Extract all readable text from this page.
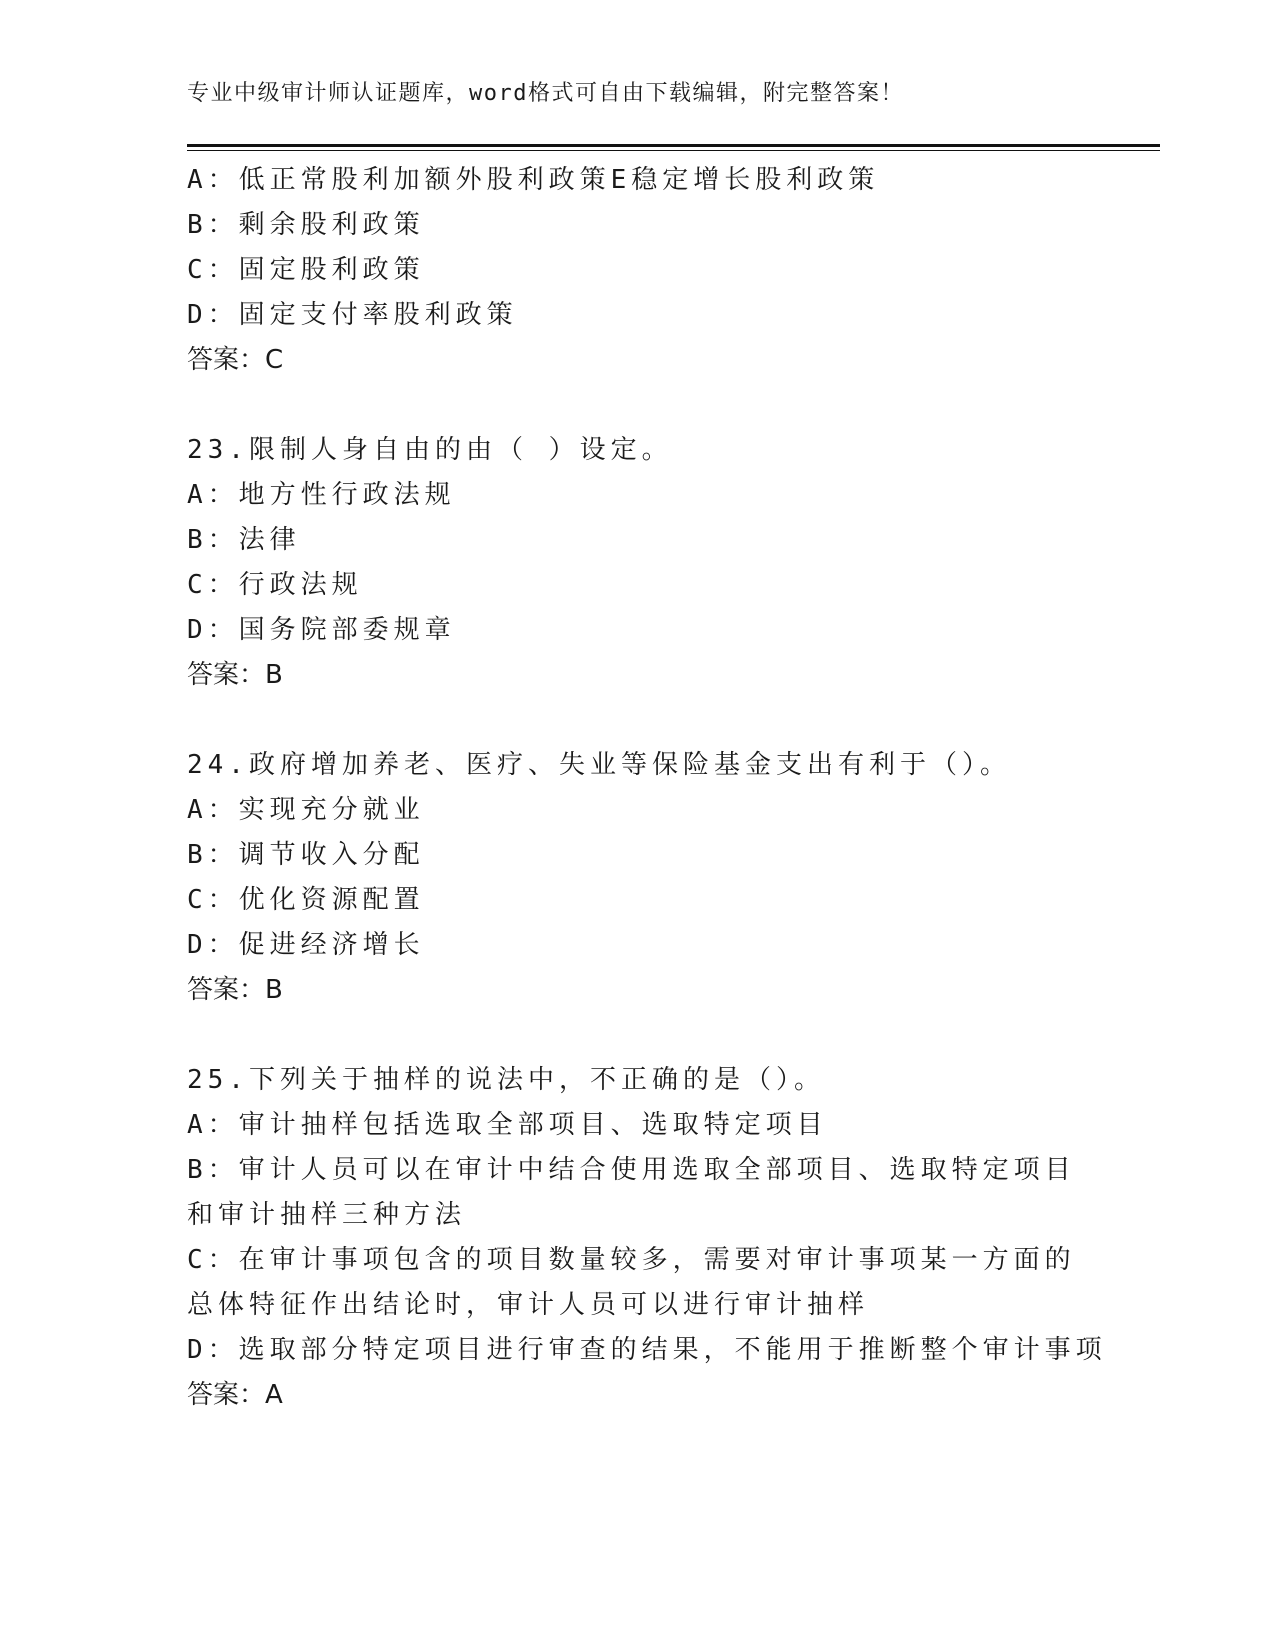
专业中级审计师认证题库，word格式可自由下载编辑，附完整答案！
A：低正常股利加额外股利政策E稳定增长股利政策
B：剩余股利政策
C：固定股利政策
D：固定支付率股利政策
答案：C
23.限制人身自由的由（ ）设定。
A：地方性行政法规
B：法律
C：行政法规
D：国务院部委规章
答案：B
24.政府增加养老、医疗、失业等保险基金支出有利于（）。
A：实现充分就业
B：调节收入分配
C：优化资源配置
D：促进经济增长
答案：B
25.下列关于抽样的说法中，不正确的是（）。
A：审计抽样包括选取全部项目、选取特定项目
B：审计人员可以在审计中结合使用选取全部项目、选取特定项目和审计抽样三种方法
C：在审计事项包含的项目数量较多，需要对审计事项某一方面的总体特征作出结论时，审计人员可以进行审计抽样
D：选取部分特定项目进行审查的结果，不能用于推断整个审计事项
答案：A
